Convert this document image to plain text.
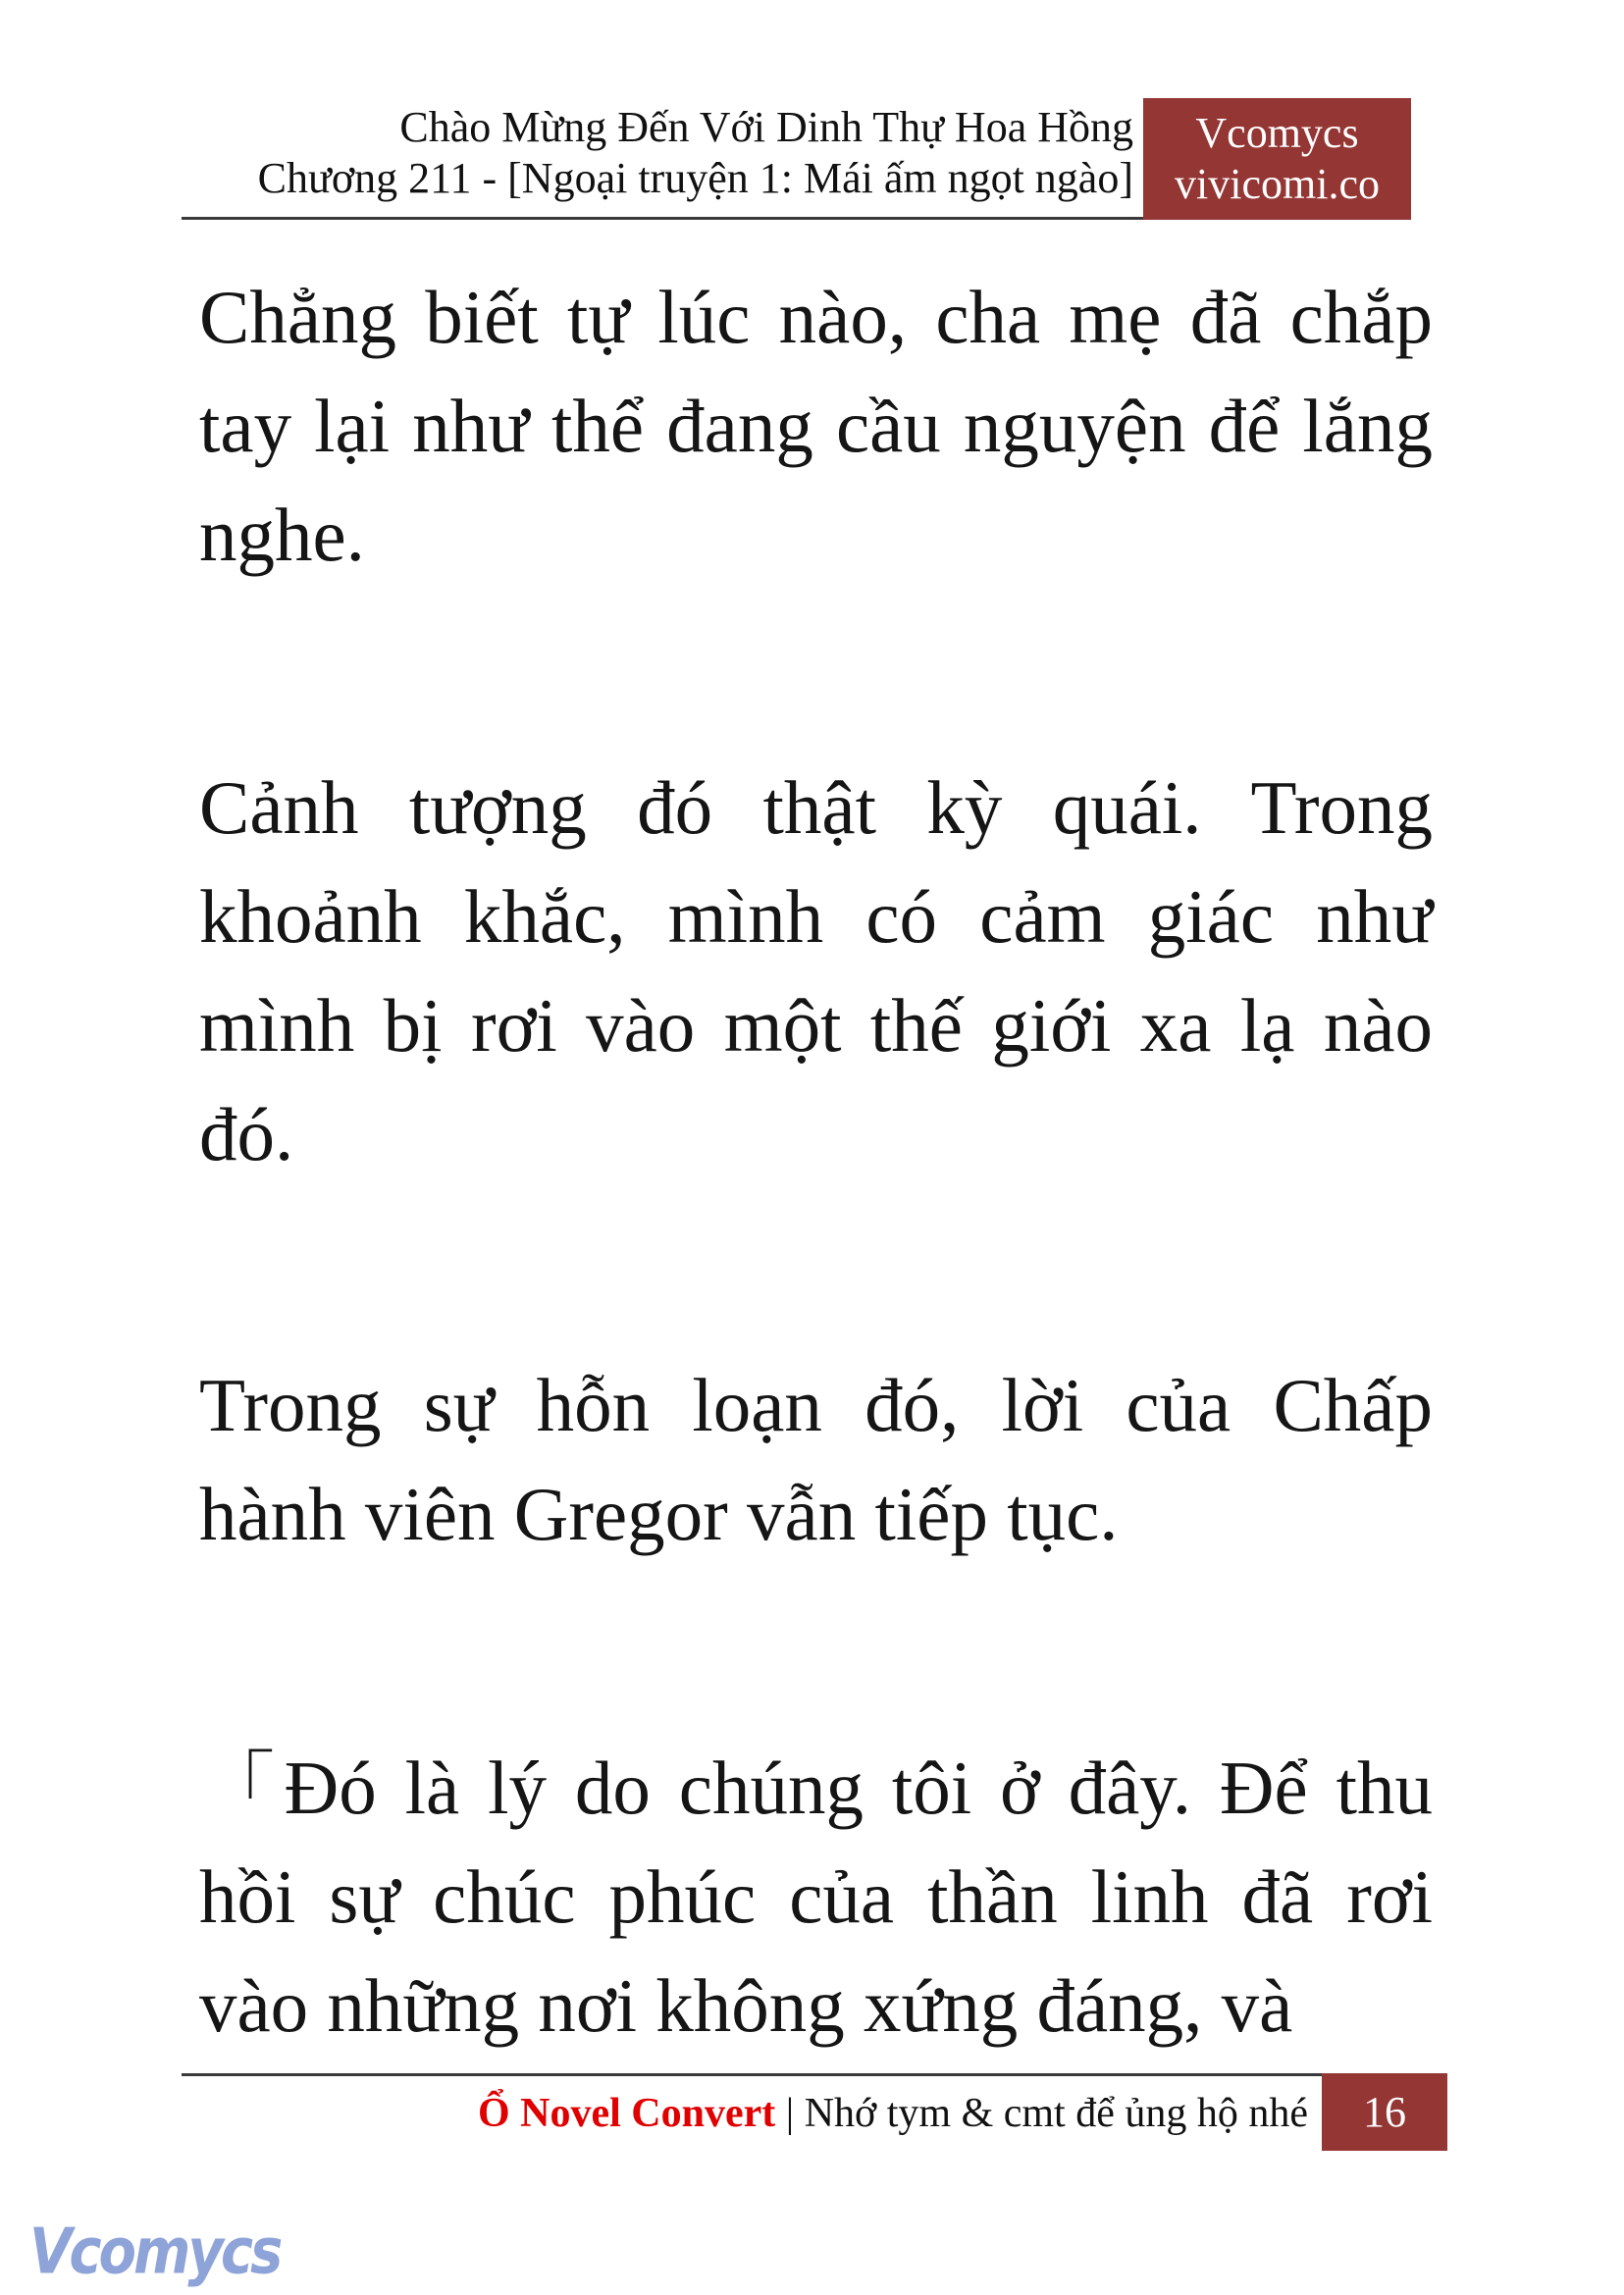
Chào Mừng Đến Với Dinh Thự Hoa Hồng
Chương 211 - [Ngoại truyện 1: Mái ấm ngọt ngào]
Vcomycs
vivicomi.co

Chẳng biết tự lúc nào, cha mẹ đã chắp tay lại như thể đang cầu nguyện để lắng nghe.

Cảnh tượng đó thật kỳ quái. Trong khoảnh khắc, mình có cảm giác như mình bị rơi vào một thế giới xa lạ nào đó.

Trong sự hỗn loạn đó, lời của Chấp hành viên Gregor vẫn tiếp tục.

「Đó là lý do chúng tôi ở đây. Để thu hồi sự chúc phúc của thần linh đã rơi vào những nơi không xứng đáng, và

Ổ Novel Convert | Nhớ tym & cmt để ủng hộ nhé	16
Vcomycs
